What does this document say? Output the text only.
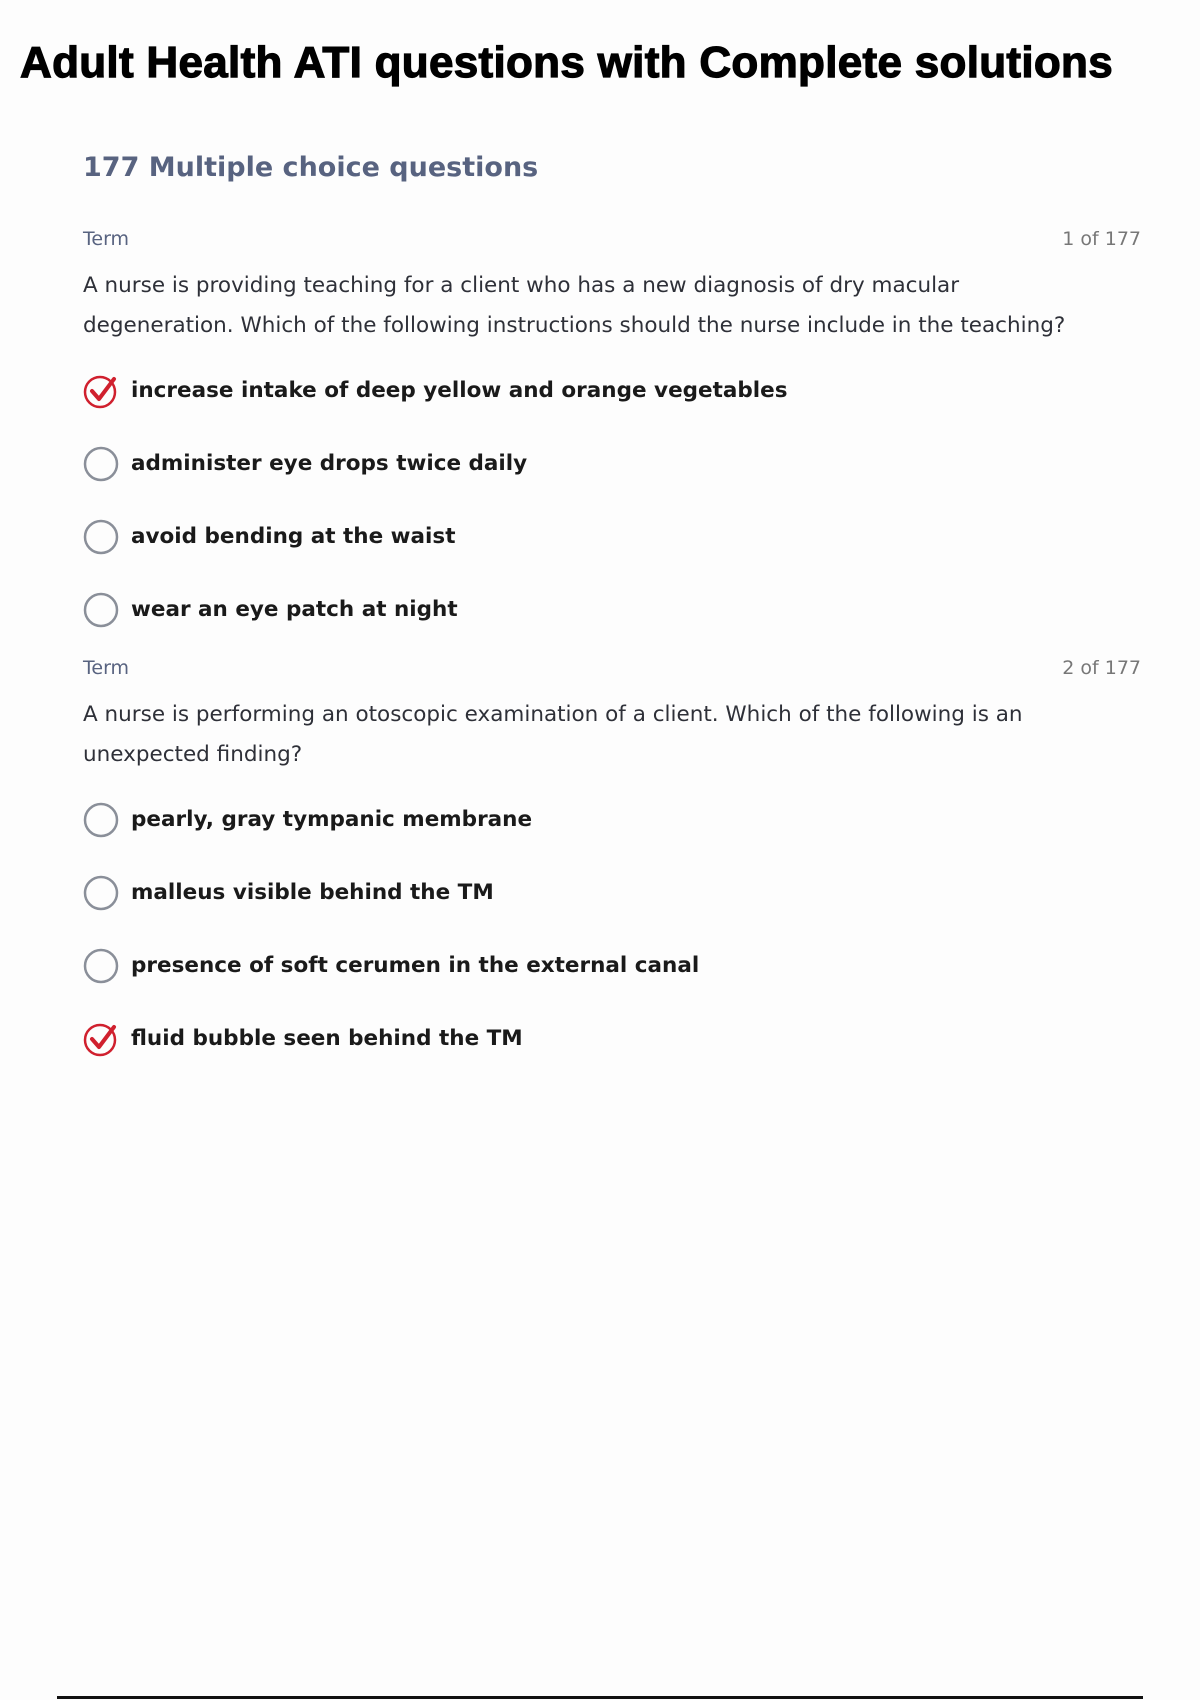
Adult Health ATI questions with Complete solutions
177 Multiple choice questions
Term	1 of 177
A nurse is providing teaching for a client who has a new diagnosis of dry macular degeneration. Which of the following instructions should the nurse include in the teaching?
increase intake of deep yellow and orange vegetables
administer eye drops twice daily
avoid bending at the waist
wear an eye patch at night
Term	2 of 177
A nurse is performing an otoscopic examination of a client. Which of the following is an unexpected finding?
pearly, gray tympanic membrane
malleus visible behind the TM
presence of soft cerumen in the external canal
fluid bubble seen behind the TM
